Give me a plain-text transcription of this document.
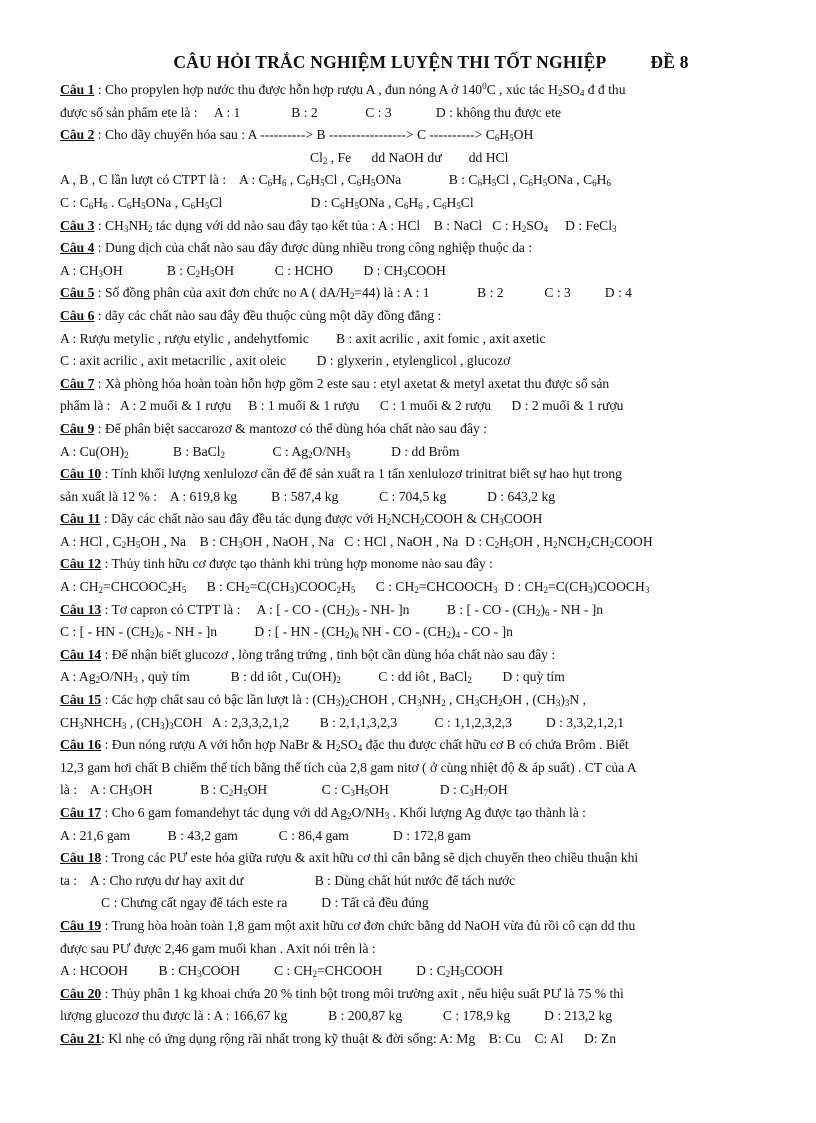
CÂU HỎI TRẮC NGHIỆM LUYỆN THI TỐT NGHIỆP	ĐỀ 8
Câu 1 : Cho propylen hợp nước thu được hỗn hợp rượu A , đun nóng A ở $140^0C$ , xúc tác $H_2SO_4$ đ đ thu
được số sản phẩm ete là :     A : 1               B : 2              C : 3             D : không thu được ete
Câu 2 : Cho dãy chuyển hóa sau : A ----------> B -----------------> C ----------> $C_6H_5OH$
$Cl_2$ , Fe      dd NaOH dư        dd HCl
A , B , C lần lượt có CTPT là :    A : $C_6H_6$ , $C_6H_5Cl$ , $C_6H_5ONa$              B : $C_6H_5Cl$ , $C_6H_5ONa$ , $C_6H_6$
C : $C_6H_6$ . $C_6H_5ONa$ , $C_6H_5Cl$                          D : $C_6H_5ONa$ , $C_6H_6$ , $C_6H_5Cl$
Câu 3 : $CH_3NH_2$ tác dụng với dd nào sau đây tạo kết tủa : A : HCl    B : NaCl   C : $H_2SO_4$     D : FeCl$_3$
Câu 4 : Dung dịch của chất nào sau đây được dùng nhiều trong công nghiệp thuộc da :
A : $CH_3OH$             B : $C_2H_5OH$            C : HCHO         D : $CH_3COOH$
Câu 5 : Số đồng phân của axit đơn chức no A ( $dA/H_2=44$) là : A : 1              B : 2            C : 3          D : 4
Câu 6 : dãy các chất nào sau đây đều thuộc cùng một dãy đồng đẳng :
A : Rượu metylic , rượu etylic , andehytfomic        B : axit acrilic , axit fomic , axit axetic
C : axit acrilic , axit metacrilic , axit oleic         D : glyxerin , etylenglicol , glucozơ
Câu 7 : Xà phòng hóa hoàn toàn hỗn hợp gồm 2 este sau : etyl axetat & metyl axetat thu được số sản
phẩm là :   A : 2 muối & 1 rượu     B : 1 muối & 1 rượu      C : 1 muối & 2 rượu      D : 2 muối & 1 rượu
Câu 9 : Để phân biệt saccarozơ & mantozơ có thể dùng hóa chất nào sau đây :
A : $Cu(OH)_2$             B : BaCl$_2$              C : $Ag_2O/NH_3$            D : dd Brôm
Câu 10 : Tính khối lượng xenlulozơ cần để để sản xuất ra 1 tấn xenlulozơ trinitrat biết sự hao hụt trong
sản xuất là 12 % :    A : 619,8 kg          B : 587,4 kg            C : 704,5 kg            D : 643,2 kg
Câu 11 : Dãy các chất nào sau đây đều tác dụng được với $H_2NCH_2COOH$ & $CH_3COOH$
A : HCl , $C_2H_5OH$ , Na    B : $CH_3OH$ , NaOH , Na   C : HCl , NaOH , Na  D : $C_2H_5OH$ , $H_2NCH_2CH_2COOH$
Câu 12 : Thủy tinh hữu cơ được tạo thành khi trùng hợp monome nào sau đây :
A : $CH_2=CHCOOC_2H_5$      B : $CH_2=C(CH_3)COOC_2H_5$      C : $CH_2=CHCOOCH_3$  D : $CH_2=C(CH_3)COOCH_3$
Câu 13 : Tơ capron có CTPT là :     A : [ - CO - $(CH_2)_5 - NH-$ ]n           B : [ - CO - $(CH_2)_6$ - NH - ]n
C : [ - HN - $(CH_2)_6$ - NH - ]n           D : [ - HN - $(CH_2)_6$ NH - CO - $(CH_2)_4$ - CO - ]n
Câu 14 : Để nhận biết glucozơ , lòng trắng trứng , tinh bột cần dùng hóa chất nào sau đây :
A : $Ag_2O/NH_3$ , quỳ tím            B : dd iôt , $Cu(OH)_2$           C : dd iôt , BaCl$_2$         D : quỳ tím
Câu 15 : Các hợp chất sau có bậc lần lượt là : $(CH_3)_2CHOH$ , $CH_3NH_2$ , $CH_3CH_2OH$ , $(CH_3)_3N$ ,
$CH_3NHCH_3$ , $(CH_3)_3COH$   A : 2,3,3,2,1,2         B : 2,1,1,3,2,3           C : 1,1,2,3,2,3          D : 3,3,2,1,2,1
Câu 16 : Đun nóng rượu A với hỗn hợp NaBr & $H_2SO_4$ đặc thu được chất hữu cơ B có chứa Brôm . Biết
12,3 gam hơi chất B chiếm thể tích bằng thể tích của 2,8 gam nitơ ( ở cùng nhiệt độ & áp suất) . CT của A
là :    A : $CH_3OH$              B : $C_2H_5OH$                C : $C_3H_5OH$               D : $C_3H_7OH$
Câu 17 : Cho 6 gam fomandehyt tác dụng với dd $Ag_2O/NH_3$ . Khối lượng Ag được tạo thành là :
A : 21,6 gam           B : 43,2 gam            C : 86,4 gam             D : 172,8 gam
Câu 18 : Trong các PƯ este hóa giữa rượu & axit hữu cơ thì cân bằng sẽ dịch chuyển theo chiều thuận khi
ta :    A : Cho rượu dư hay axit dư                     B : Dùng chất hút nước để tách nước
C : Chưng cất ngay để tách este ra          D : Tất cả đều đúng
Câu 19 : Trung hòa hoàn toàn 1,8 gam một axit hữu cơ đơn chức bằng dd NaOH vừa đủ rồi cô cạn dd thu
được sau PƯ được 2,46 gam muối khan . Axit nói trên là :
A : HCOOH         B : $CH_3COOH$          C : $CH_2=CHCOOH$          D : $C_2H_5COOH$
Câu 20 : Thủy phân 1 kg khoai chứa 20 % tinh bột trong môi trường axit , nếu hiệu suất PƯ là 75 % thì
lượng glucozơ thu được là : A : 166,67 kg            B : 200,87 kg            C : 178,9 kg          D : 213,2 kg
Câu 21: Kl nhẹ có ứng dụng rộng rãi nhất trong kỹ thuật & đời sống: A: Mg    B: Cu    C: Al      D: Zn
